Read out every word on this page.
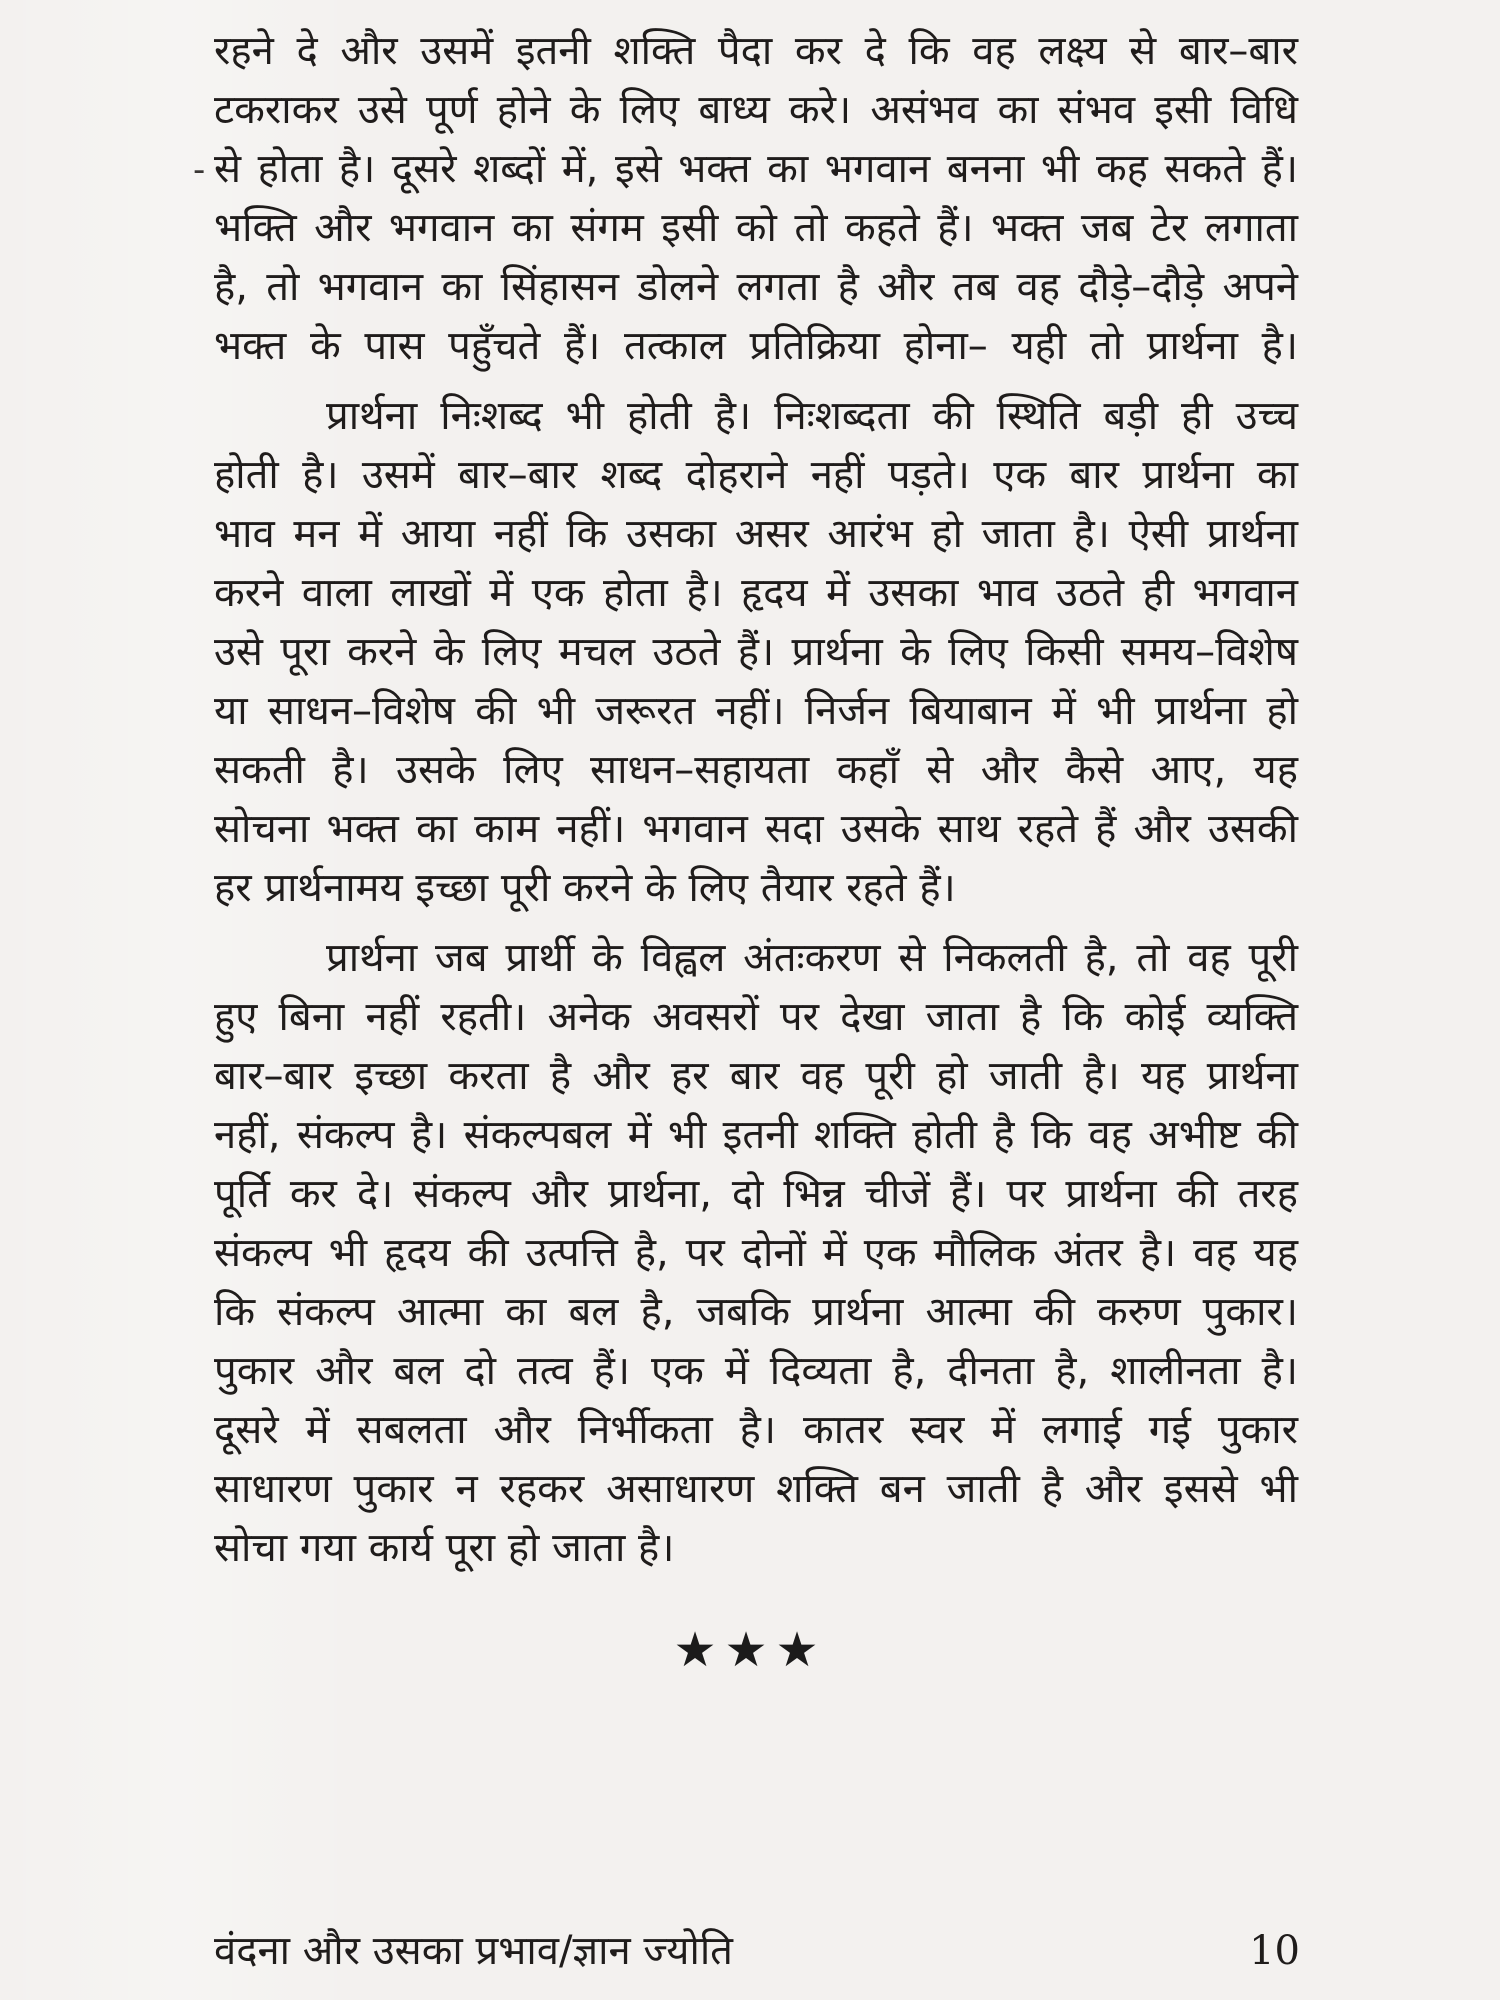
-
रहने दे और उसमें इतनी शक्ति पैदा कर दे कि वह लक्ष्य से बार–बार
टकराकर उसे पूर्ण होने के लिए बाध्य करे। असंभव का संभव इसी विधि
से होता है। दूसरे शब्दों में, इसे भक्त का भगवान बनना भी कह सकते हैं।
भक्ति और भगवान का संगम इसी को तो कहते हैं। भक्त जब टेर लगाता
है, तो भगवान का सिंहासन डोलने लगता है और तब वह दौड़े–दौड़े अपने
भक्त के पास पहुँचते हैं। तत्काल प्रतिक्रिया होना– यही तो प्रार्थना है।
प्रार्थना निःशब्द भी होती है। निःशब्दता की स्थिति बड़ी ही उच्च
होती है। उसमें बार–बार शब्द दोहराने नहीं पड़ते। एक बार प्रार्थना का
भाव मन में आया नहीं कि उसका असर आरंभ हो जाता है। ऐसी प्रार्थना
करने वाला लाखों में एक होता है। हृदय में उसका भाव उठते ही भगवान
उसे पूरा करने के लिए मचल उठते हैं। प्रार्थना के लिए किसी समय–विशेष
या साधन–विशेष की भी जरूरत नहीं। निर्जन बियाबान में भी प्रार्थना हो
सकती है। उसके लिए साधन–सहायता कहाँ से और कैसे आए, यह
सोचना भक्त का काम नहीं। भगवान सदा उसके साथ रहते हैं और उसकी
हर प्रार्थनामय इच्छा पूरी करने के लिए तैयार रहते हैं।
प्रार्थना जब प्रार्थी के विह्वल अंतःकरण से निकलती है, तो वह पूरी
हुए बिना नहीं रहती। अनेक अवसरों पर देखा जाता है कि कोई व्यक्ति
बार–बार इच्छा करता है और हर बार वह पूरी हो जाती है। यह प्रार्थना
नहीं, संकल्प है। संकल्पबल में भी इतनी शक्ति होती है कि वह अभीष्ट की
पूर्ति कर दे। संकल्प और प्रार्थना, दो भिन्न चीजें हैं। पर प्रार्थना की तरह
संकल्प भी हृदय की उत्पत्ति है, पर दोनों में एक मौलिक अंतर है। वह यह
कि संकल्प आत्मा का बल है, जबकि प्रार्थना आत्मा की करुण पुकार।
पुकार और बल दो तत्व हैं। एक में दिव्यता है, दीनता है, शालीनता है।
दूसरे में सबलता और निर्भीकता है। कातर स्वर में लगाई गई पुकार
साधारण पुकार न रहकर असाधारण शक्ति बन जाती है और इससे भी
सोचा गया कार्य पूरा हो जाता है।
★★★
वंदना और उसका प्रभाव/ज्ञान ज्योति	10
